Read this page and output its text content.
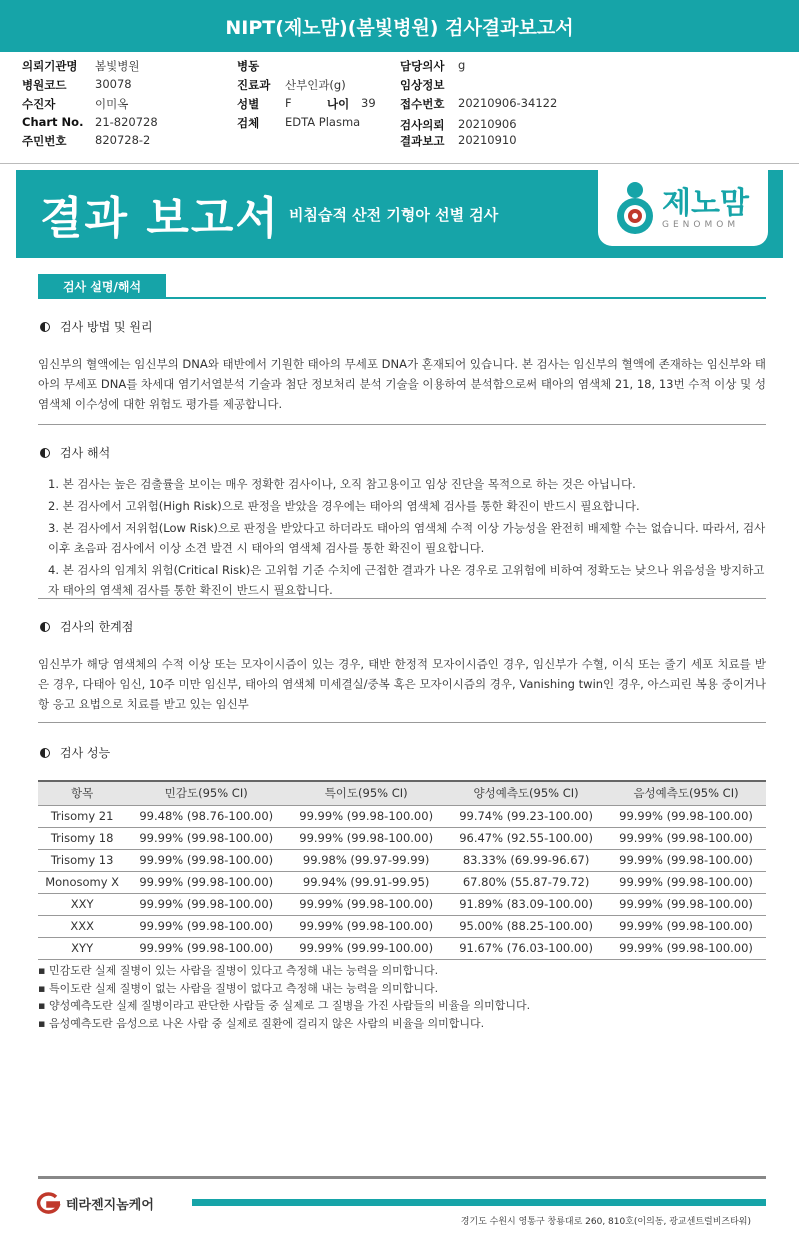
NIPT(제노맘)(봄빛병원) 검사결과보고서
의뢰기관명 봄빛병원
병원코드 30078
수진자	이미옥
Chart No. 21-820728
주민번호 820728-2
병동
진료과 산부인과(g)
성별 F	나이 39
검체 EDTA Plasma
담당의사 g
임상정보
접수번호 20210906-34122
검사의뢰 20210906
결과보고 20210910
결과 보고서 비침습적 산전 기형아 선별 검사	제노맘
GENOMOM
검사 설명/해석
검사 방법 및 원리
임신부의 혈액에는 임신부의 DNA와 태반에서 기원한 태아의 무세포 DNA가 혼재되어 있습니다. 본 검사는 임신부의 혈액에 존재하는 임신부와 태아의 무세포 DNA를 차세대 염기서열분석 기술과 첨단 정보처리 분석 기술을 이용하여 분석함으로써 태아의 염색체 21, 18, 13번 수적 이상 및 성염색체 이수성에 대한 위험도 평가를 제공합니다.
검사 해석
1. 본 검사는 높은 검출률을 보이는 매우 정확한 검사이나, 오직 참고용이고 임상 진단을 목적으로 하는 것은 아닙니다.
2. 본 검사에서 고위험(High Risk)으로 판정을 받았을 경우에는 태아의 염색체 검사를 통한 확진이 반드시 필요합니다.
3. 본 검사에서 저위험(Low Risk)으로 판정을 받았다고 하더라도 태아의 염색체 수적 이상 가능성을 완전히 배제할 수는 없습니다. 따라서, 검사 이후 초음파 검사에서 이상 소견 발견 시 태아의 염색체 검사를 통한 확진이 필요합니다.
4. 본 검사의 임계치 위험(Critical Risk)은 고위험 기준 수치에 근접한 결과가 나온 경우로 고위험에 비하여 정확도는 낮으나 위음성을 방지하고자 태아의 염색체 검사를 통한 확진이 반드시 필요합니다.
검사의 한계점
임신부가 해당 염색체의 수적 이상 또는 모자이시즘이 있는 경우, 태반 한정적 모자이시즘인 경우, 임신부가 수혈, 이식 또는 줄기 세포 치료를 받은 경우, 다태아 임신, 10주 미만 임신부, 태아의 염색체 미세결실/중복 혹은 모자이시즘의 경우, Vanishing twin인 경우, 아스피린 복용 중이거나 항 응고 요법으로 치료를 받고 있는 임신부
검사 성능
항목	민감도(95% CI)	특이도(95% CI)	양성예측도(95% CI)	음성예측도(95% CI)
Trisomy 21	99.48% (98.76-100.00)	99.99% (99.98-100.00)	99.74% (99.23-100.00)	99.99% (99.98-100.00)
Trisomy 18	99.99% (99.98-100.00)	99.99% (99.98-100.00)	96.47% (92.55-100.00)	99.99% (99.98-100.00)
Trisomy 13	99.99% (99.98-100.00)	99.98% (99.97-99.99)	83.33% (69.99-96.67)	99.99% (99.98-100.00)
Monosomy X	99.99% (99.98-100.00)	99.94% (99.91-99.95)	67.80% (55.87-79.72)	99.99% (99.98-100.00)
XXY	99.99% (99.98-100.00)	99.99% (99.98-100.00)	91.89% (83.09-100.00)	99.99% (99.98-100.00)
XXX	99.99% (99.98-100.00)	99.99% (99.98-100.00)	95.00% (88.25-100.00)	99.99% (99.98-100.00)
XYY	99.99% (99.98-100.00)	99.99% (99.99-100.00)	91.67% (76.03-100.00)	99.99% (99.98-100.00)
▪ 민감도란 실제 질병이 있는 사람을 질병이 있다고 측정해 내는 능력을 의미합니다.
▪ 특이도란 실제 질병이 없는 사람을 질병이 없다고 측정해 내는 능력을 의미합니다.
▪ 양성예측도란 실제 질병이라고 판단한 사람들 중 실제로 그 질병을 가진 사람들의 비율을 의미합니다.
▪ 음성예측도란 음성으로 나온 사람 중 실제로 질환에 걸리지 않은 사람의 비율을 의미합니다.
테라젠지놈케어
경기도 수원시 영통구 창룡대로 260, 810호(이의동, 광교센트럴비즈타워)
